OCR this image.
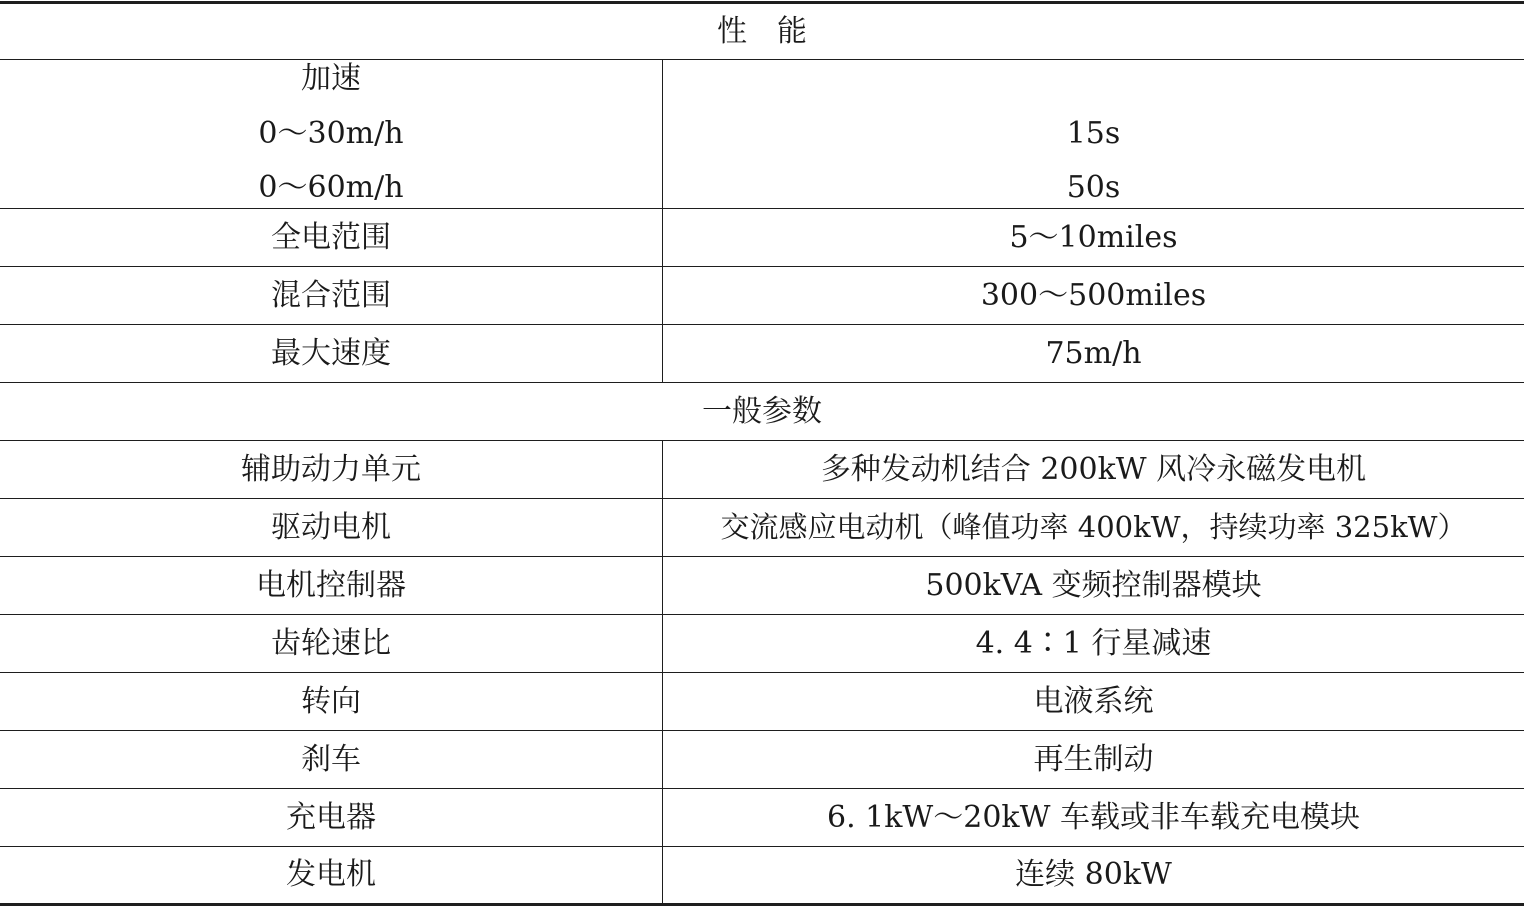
性　能
加速
0～30m/h	15s
0～60m/h	50s
全电范围	5～10miles
混合范围	300～500miles
最大速度	75m/h
一般参数
辅助动力单元	多种发动机结合 200kW 风冷永磁发电机
驱动电机	交流感应电动机（峰值功率 400kW，持续功率 325kW）
电机控制器	500kVA 变频控制器模块
齿轮速比	4. 4∶1 行星减速
转向	电液系统
刹车	再生制动
充电器	6. 1kW～20kW 车载或非车载充电模块
发电机	连续 80kW
